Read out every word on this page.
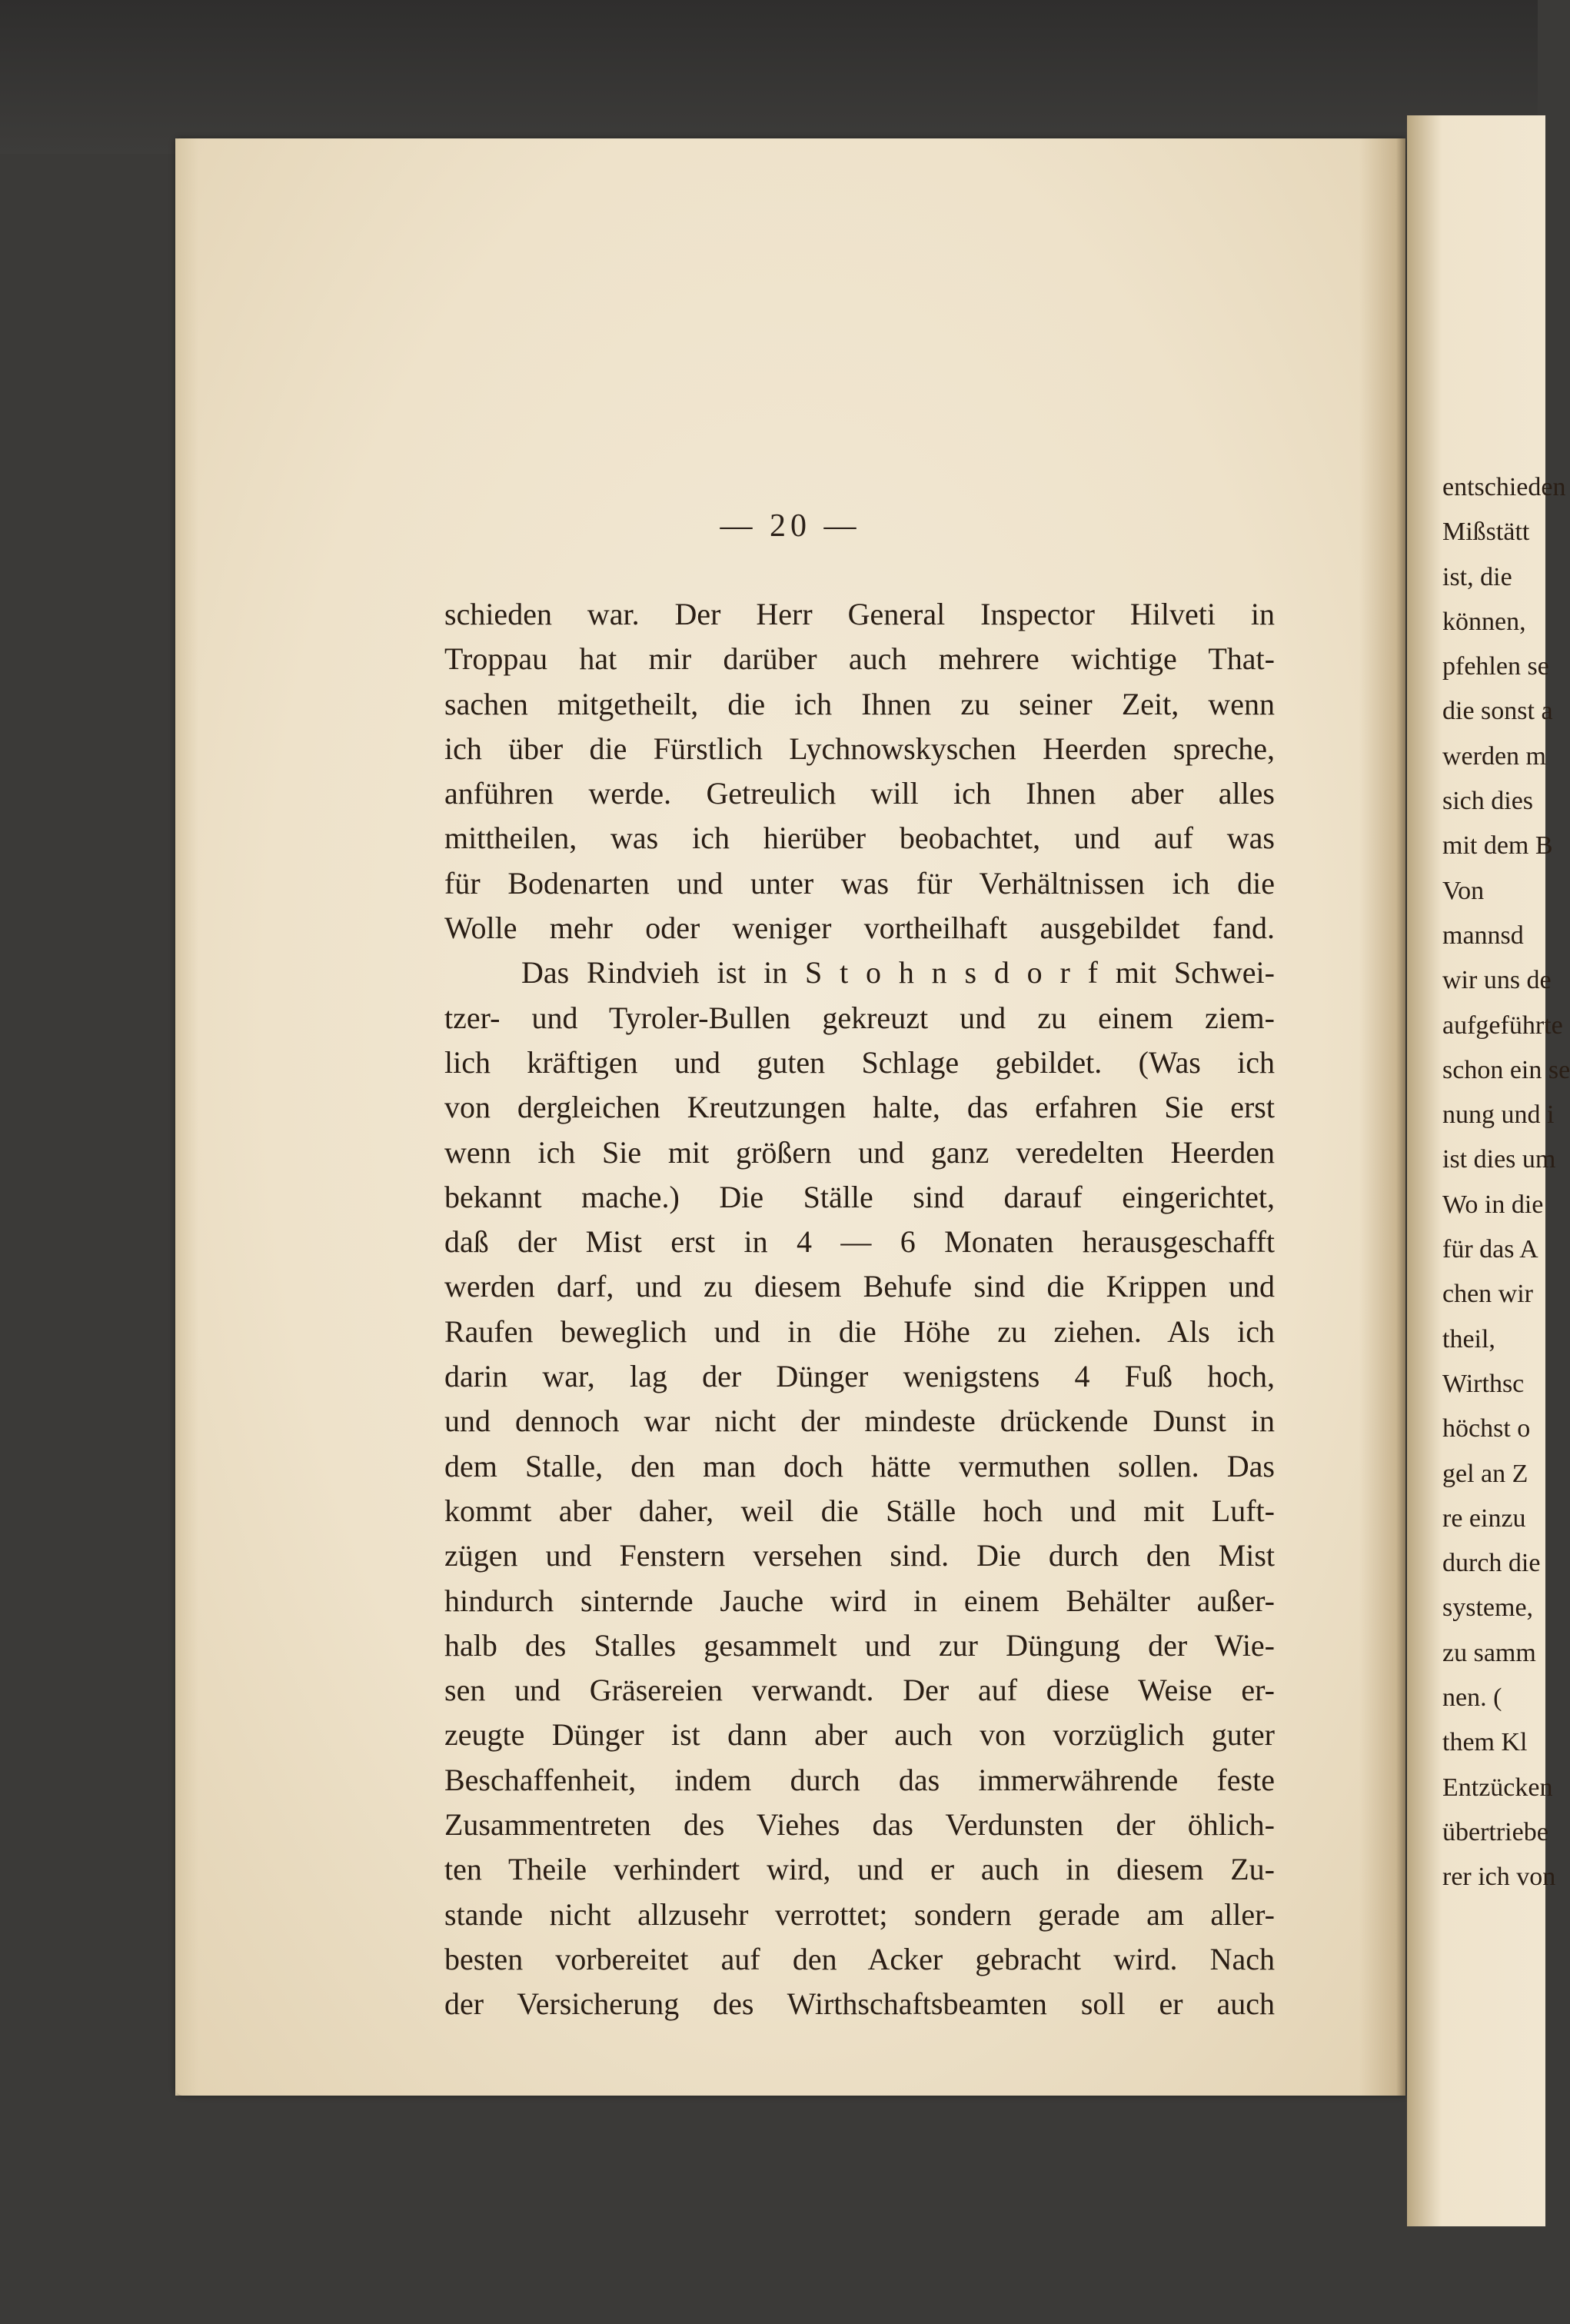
— 20 —
schieden war. Der Herr General Inspector Hilveti in
Troppau hat mir darüber auch mehrere wichtige That-
sachen mitgetheilt, die ich Ihnen zu seiner Zeit, wenn
ich über die Fürstlich Lychnowskyschen Heerden spreche,
anführen werde. Getreulich will ich Ihnen aber alles
mittheilen, was ich hierüber beobachtet, und auf was
für Bodenarten und unter was für Verhältnissen ich die
Wolle mehr oder weniger vortheilhaft ausgebildet fand.
Das Rindvieh ist in S t o h n s d o r f mit Schwei-
tzer- und Tyroler-Bullen gekreuzt und zu einem ziem-
lich kräftigen und guten Schlage gebildet. (Was ich
von dergleichen Kreutzungen halte, das erfahren Sie erst
wenn ich Sie mit größern und ganz veredelten Heerden
bekannt mache.) Die Ställe sind darauf eingerichtet,
daß der Mist erst in 4 — 6 Monaten herausgeschafft
werden darf, und zu diesem Behufe sind die Krippen und
Raufen beweglich und in die Höhe zu ziehen. Als ich
darin war, lag der Dünger wenigstens 4 Fuß hoch,
und dennoch war nicht der mindeste drückende Dunst in
dem Stalle, den man doch hätte vermuthen sollen. Das
kommt aber daher, weil die Ställe hoch und mit Luft-
zügen und Fenstern versehen sind. Die durch den Mist
hindurch sinternde Jauche wird in einem Behälter außer-
halb des Stalles gesammelt und zur Düngung der Wie-
sen und Gräsereien verwandt. Der auf diese Weise er-
zeugte Dünger ist dann aber auch von vorzüglich guter
Beschaffenheit, indem durch das immerwährende feste
Zusammentreten des Viehes das Verdunsten der öhlich-
ten Theile verhindert wird, und er auch in diesem Zu-
stande nicht allzusehr verrottet; sondern gerade am aller-
besten vorbereitet auf den Acker gebracht wird. Nach
der Versicherung des Wirthschaftsbeamten soll er auch
entschieden
Mißstätt
ist, die
können,
pfehlen se
die sonst a
werden m
sich dies
mit dem B
Von
mannsd
wir uns de
aufgeführte
schon ein se
nung und i
ist dies um
Wo in die
für das A
chen wir
theil,
Wirthsc
höchst o
gel an Z
re einzu
durch die
systeme,
zu samm
nen. (
them Kl
Entzücken
übertriebe
rer ich von
